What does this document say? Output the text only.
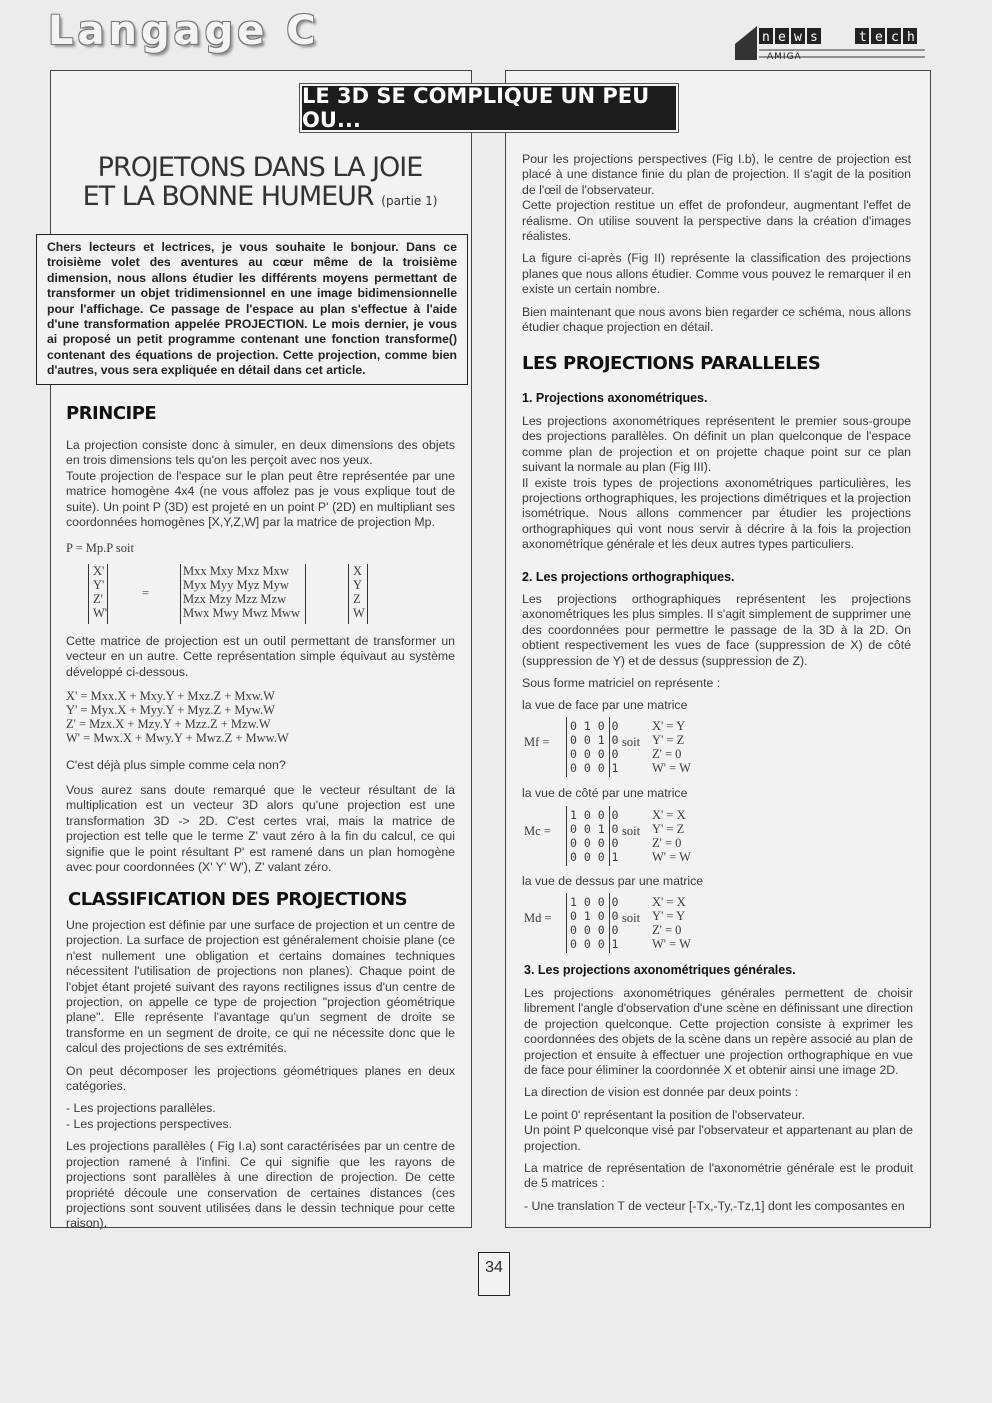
Langage C	n e w s	t e c h
AMIGA
LE 3D SE COMPLIQUE UN PEU OU...
PROJETONS DANS LA JOIE
ET LA BONNE HUMEUR (partie 1)
Chers lecteurs et lectrices, je vous souhaite le bonjour. Dans ce troisième volet des aventures au cœur même de la troisième dimension, nous allons étudier les différents moyens permettant de transformer un objet tridimensionnel en une image bidimensionnelle pour l'affichage. Ce passage de l'espace au plan s'effectue à l'aide d'une transformation appelée PROJECTION. Le mois dernier, je vous ai proposé un petit programme contenant une fonction transforme() contenant des équations de projection. Cette projection, comme bien d'autres, vous sera expliquée en détail dans cet article.
PRINCIPE

La projection consiste donc à simuler, en deux dimensions des objets en trois dimensions tels qu'on les perçoit avec nos yeux.

Toute projection de l'espace sur le plan peut être représentée par une matrice homogène 4x4 (ne vous affolez pas je vous explique tout de suite). Un point P (3D) est projeté en un point P' (2D) en multipliant ses coordonnées homogènes [X,Y,Z,W] par la matrice de projection Mp.

P = Mp.P soit
X'
Y'
Z'
W'
=
Mxx Mxy Mxz Mxw
Myx Myy Myz Myw
Mzx Mzy Mzz Mzw
Mwx Mwy Mwz Mww
X
Y
Z
W
Cette matrice de projection est un outil permettant de transformer un vecteur en un autre. Cette représentation simple équivaut au système développé ci-dessous.
X' = Mxx.X + Mxy.Y + Mxz.Z + Mxw.W
Y' = Myx.X + Myy.Y + Myz.Z + Myw.W
Z' = Mzx.X + Mzy.Y + Mzz.Z + Mzw.W
W' = Mwx.X + Mwy.Y + Mwz.Z + Mww.W
C'est déjà plus simple comme cela non?
Vous aurez sans doute remarqué que le vecteur résultant de la multiplication est un vecteur 3D alors qu'une projection est une transformation 3D -> 2D. C'est certes vrai, mais la matrice de projection est telle que le terme Z' vaut zéro à la fin du calcul, ce qui signifie que le point résultant P' est ramené dans un plan homogène avec pour coordonnées (X' Y' W'), Z' valant zéro.
CLASSIFICATION DES PROJECTIONS

Une projection est définie par une surface de projection et un centre de projection. La surface de projection est généralement choisie plane (ce n'est nullement une obligation et certains domaines techniques nécessitent l'utilisation de projections non planes). Chaque point de l'objet étant projeté suivant des rayons rectilignes issus d'un centre de projection, on appelle ce type de projection "projection géométrique plane". Elle représente l'avantage qu'un segment de droite se transforme en un segment de droite, ce qui ne nécessite donc que le calcul des projections de ses extrémités.

On peut décomposer les projections géométriques planes en deux catégories.

- Les projections parallèles.

- Les projections perspectives.

Les projections parallèles ( Fig I.a) sont caractérisées par un centre de projection ramené à l'infini. Ce qui signifie que les rayons de projections sont parallèles à une direction de projection. De cette propriété découle une conservation de certaines distances (ces projections sont souvent utilisées dans le dessin technique pour cette raison).

Pour les projections perspectives (Fig I.b), le centre de projection est placé à une distance finie du plan de projection. Il s'agit de la position de l'œil de l'observateur.

Cette projection restitue un effet de profondeur, augmentant l'effet de réalisme. On utilise souvent la perspective dans la création d'images réalistes.

La figure ci-après (Fig II) représente la classification des projections planes que nous allons étudier. Comme vous pouvez le remarquer il en existe un certain nombre.

Bien maintenant que nous avons bien regarder ce schéma, nous allons étudier chaque projection en détail.

LES PROJECTIONS PARALLELES
1. Projections axonométriques.

Les projections axonométriques représentent le premier sous-groupe des projections parallèles. On définit un plan quelconque de l'espace comme plan de projection et on projette chaque point sur ce plan suivant la normale au plan (Fig III).

Il existe trois types de projections axonométriques particulières, les projections orthographiques, les projections dimétriques et la projection isométrique. Nous allons commencer par étudier les projections orthographiques qui vont nous servir à décrire à la fois la projection axonométrique générale et les deux autres types particuliers.

2. Les projections orthographiques.

Les projections orthographiques représentent les projections axonométriques les plus simples. Il s'agit simplement de supprimer une des coordonnées pour permettre le passage de la 3D à la 2D. On obtient respectivement les vues de face (suppression de X) de côté (suppression de Y) et de dessus (suppression de Z).

Sous forme matriciel on représente :

la vue de face par une matrice

Mf =
0 1 0 0
0 0 1 0
0 0 0 0
0 0 0 1
soit
X' = Y
Y' = Z
Z' = 0
W' = W
la vue de côté par une matrice
Mc =
1 0 0 0
0 0 1 0
0 0 0 0
0 0 0 1
soit
X' = X
Y' = Z
Z' = 0
W' = W
la vue de dessus par une matrice
Md =
1 0 0 0
0 1 0 0
0 0 0 0
0 0 0 1
soit
X' = X
Y' = Y
Z' = 0
W' = W
3. Les projections axonométriques générales.

Les projections axonométriques générales permettent de choisir librement l'angle d'observation d'une scène en définissant une direction de projection quelconque. Cette projection consiste à exprimer les coordonnées des objets de la scène dans un repère associé au plan de projection et ensuite à effectuer une projection orthographique en vue de face pour éliminer la coordonnée X et obtenir ainsi une image 2D.

La direction de vision est donnée par deux points :

Le point 0' représentant la position de l'observateur.

Un point P quelconque visé par l'observateur et appartenant au plan de projection.

La matrice de représentation de l'axonométrie générale est le produit de 5 matrices :

- Une translation T de vecteur [-Tx,-Ty,-Tz,1] dont les composantes en

34
